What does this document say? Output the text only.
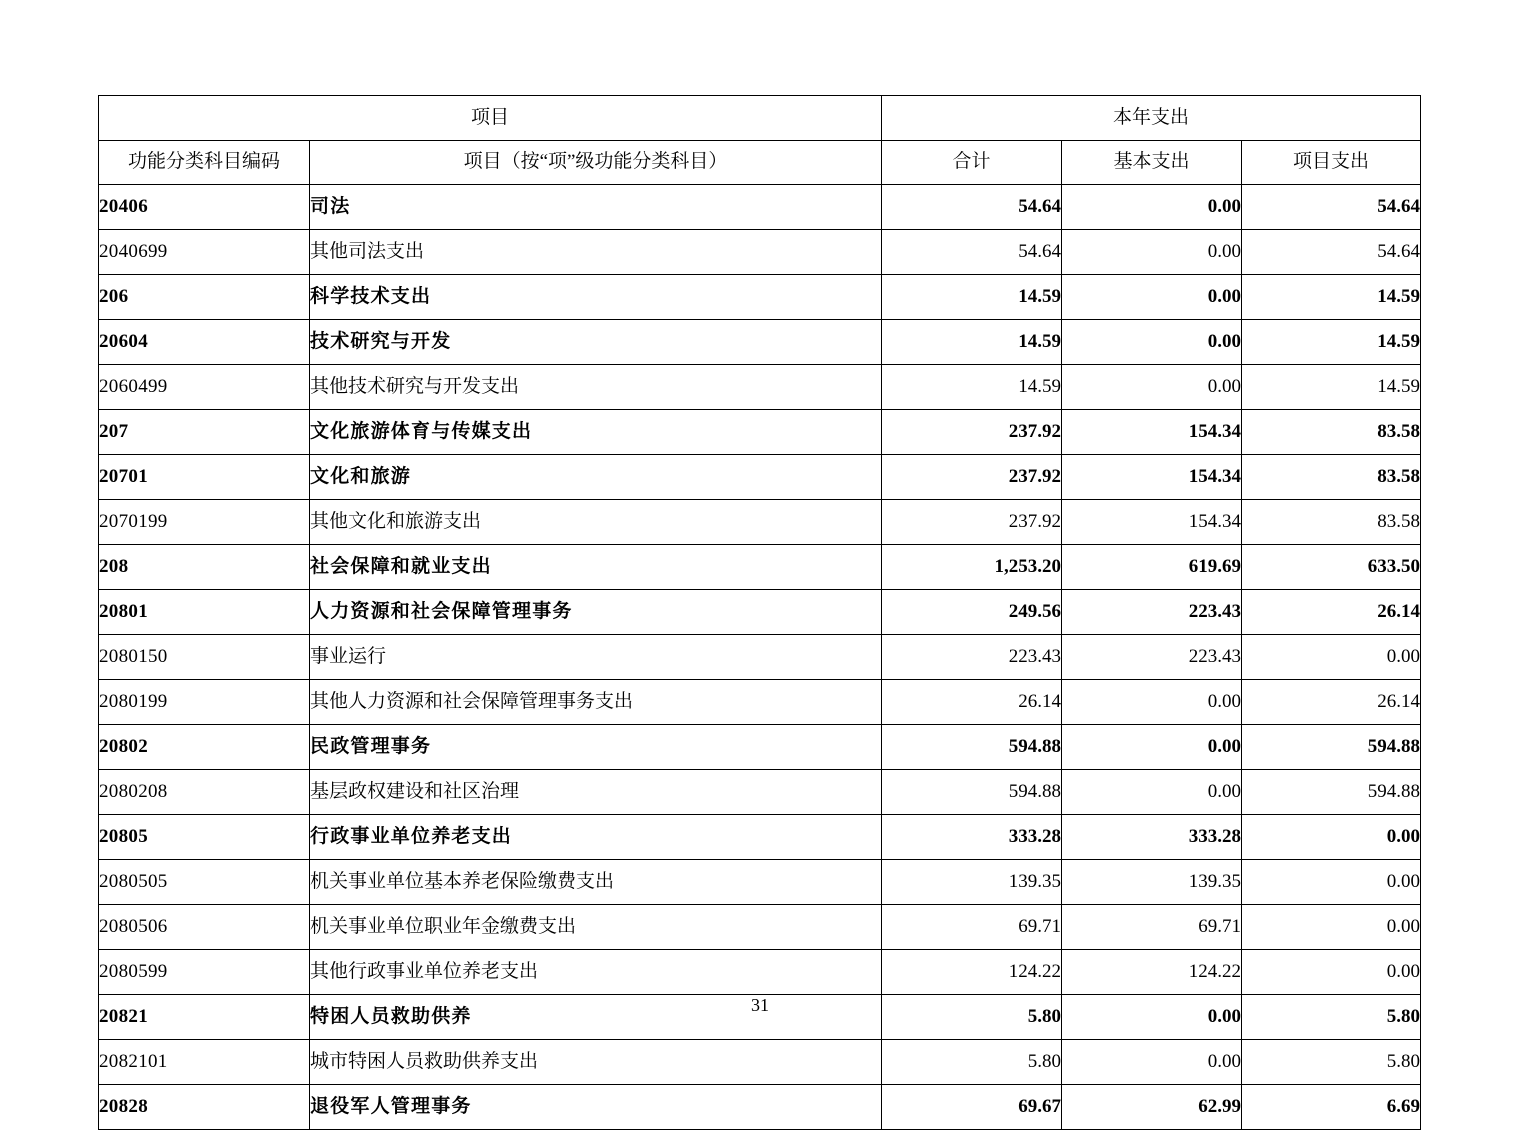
项目		本年支出		
功能分类科目编码	项目（按“项”级功能分类科目）	合计	基本支出	项目支出
20406	司法	54.64	0.00	54.64
2040699	其他司法支出	54.64	0.00	54.64
206	科学技术支出	14.59	0.00	14.59
20604	技术研究与开发	14.59	0.00	14.59
2060499	其他技术研究与开发支出	14.59	0.00	14.59
207	文化旅游体育与传媒支出	237.92	154.34	83.58
20701	文化和旅游	237.92	154.34	83.58
2070199	其他文化和旅游支出	237.92	154.34	83.58
208	社会保障和就业支出	1,253.20	619.69	633.50
20801	人力资源和社会保障管理事务	249.56	223.43	26.14
2080150	事业运行	223.43	223.43	0.00
2080199	其他人力资源和社会保障管理事务支出	26.14	0.00	26.14
20802	民政管理事务	594.88	0.00	594.88
2080208	基层政权建设和社区治理	594.88	0.00	594.88
20805	行政事业单位养老支出	333.28	333.28	0.00
2080505	机关事业单位基本养老保险缴费支出	139.35	139.35	0.00
2080506	机关事业单位职业年金缴费支出	69.71	69.71	0.00
2080599	其他行政事业单位养老支出	124.22	124.22	0.00
20821	特困人员救助供养	5.80	0.00	5.80
2082101	城市特困人员救助供养支出	5.80	0.00	5.80
20828	退役军人管理事务	69.67	62.99	6.69
31
